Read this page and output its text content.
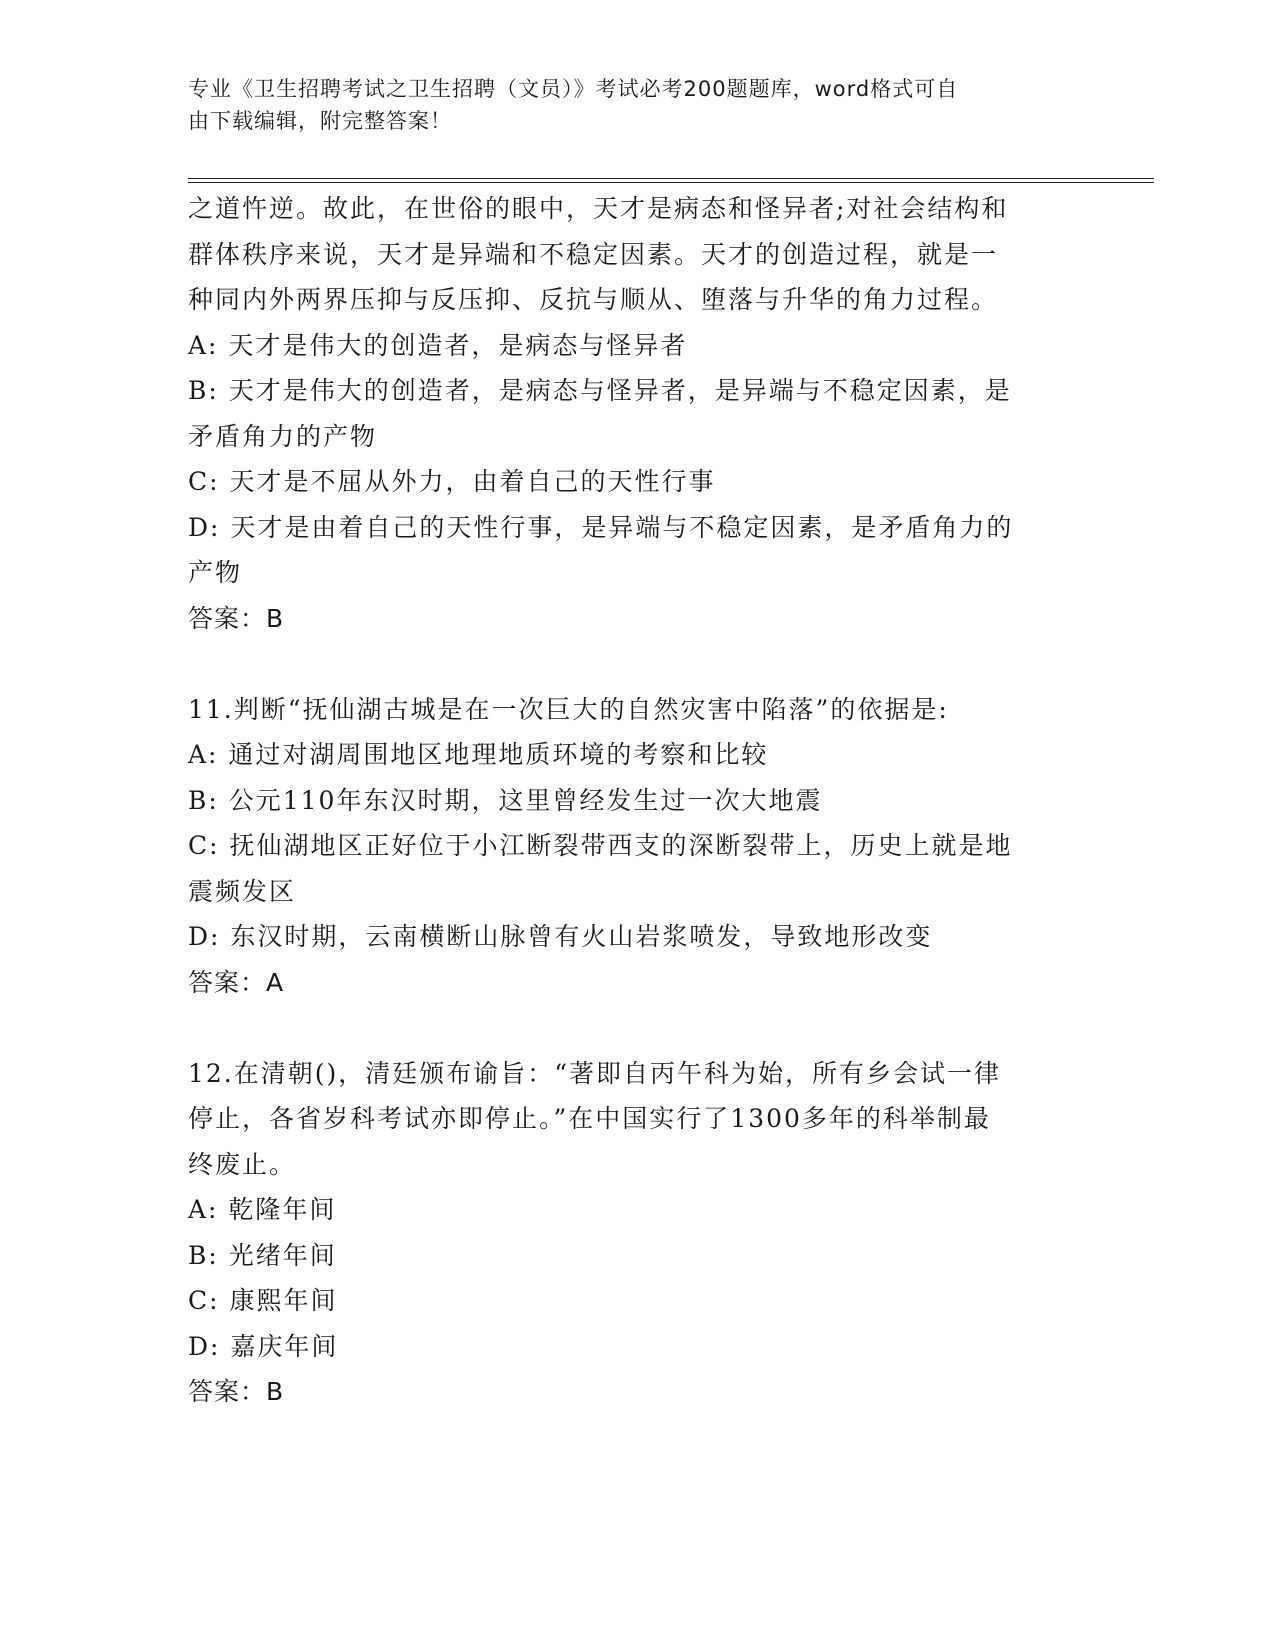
专业《卫生招聘考试之卫生招聘（文员）》考试必考200题题库，word格式可自
由下载编辑，附完整答案！
之道忤逆。故此，在世俗的眼中，天才是病态和怪异者;对社会结构和
群体秩序来说，天才是异端和不稳定因素。天才的创造过程，就是一
种同内外两界压抑与反压抑、反抗与顺从、堕落与升华的角力过程。
A: 天才是伟大的创造者，是病态与怪异者
B: 天才是伟大的创造者，是病态与怪异者，是异端与不稳定因素，是
矛盾角力的产物
C: 天才是不屈从外力，由着自己的天性行事
D: 天才是由着自己的天性行事，是异端与不稳定因素，是矛盾角力的
产物
答案：B
11.判断“抚仙湖古城是在一次巨大的自然灾害中陷落”的依据是:
A: 通过对湖周围地区地理地质环境的考察和比较
B: 公元110年东汉时期，这里曾经发生过一次大地震
C: 抚仙湖地区正好位于小江断裂带西支的深断裂带上，历史上就是地
震频发区
D: 东汉时期，云南横断山脉曾有火山岩浆喷发，导致地形改变
答案：A
12.在清朝()，清廷颁布谕旨：“著即自丙午科为始，所有乡会试一律
停止，各省岁科考试亦即停止。”在中国实行了1300多年的科举制最
终废止。
A: 乾隆年间
B: 光绪年间
C: 康熙年间
D: 嘉庆年间
答案：B
